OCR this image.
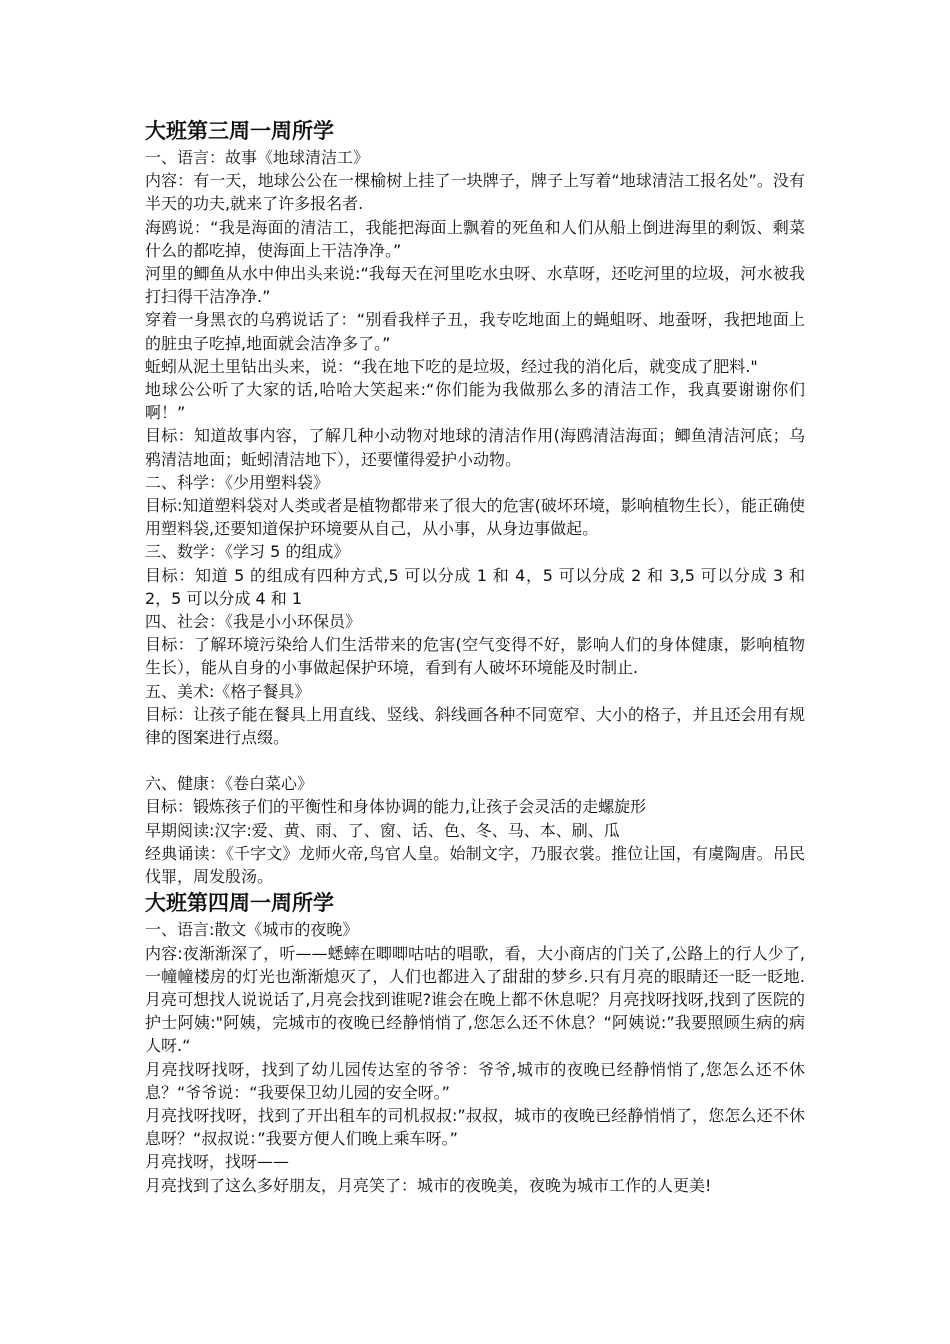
大班第三周一周所学

一、语言：故事《地球清洁工》

内容：有一天，地球公公在一棵榆树上挂了一块牌子，牌子上写着“地球清洁工报名处”。没有半天的功夫,就来了许多报名者.

海鸥说：“我是海面的清洁工，我能把海面上飘着的死鱼和人们从船上倒进海里的剩饭、剩菜什么的都吃掉，使海面上干洁净净。”

河里的鲫鱼从水中伸出头来说:“我每天在河里吃水虫呀、水草呀，还吃河里的垃圾，河水被我打扫得干洁净净.”

穿着一身黑衣的乌鸦说话了：“别看我样子丑，我专吃地面上的蝇蛆呀、地蚕呀，我把地面上的脏虫子吃掉,地面就会洁净多了。”

蚯蚓从泥土里钻出头来，说：“我在地下吃的是垃圾，经过我的消化后，就变成了肥料."

地球公公听了大家的话,哈哈大笑起来:“你们能为我做那么多的清洁工作，我真要谢谢你们啊！”

目标：知道故事内容，了解几种小动物对地球的清洁作用(海鸥清洁海面；鲫鱼清洁河底；乌鸦清洁地面；蚯蚓清洁地下），还要懂得爱护小动物。

二、科学：《少用塑料袋》

目标:知道塑料袋对人类或者是植物都带来了很大的危害(破坏环境，影响植物生长），能正确使用塑料袋,还要知道保护环境要从自己，从小事，从身边事做起。

三、数学：《学习 5 的组成》

目标：知道 5 的组成有四种方式,5 可以分成 1 和 4，5 可以分成 2 和 3,5 可以分成 3 和 2，5 可以分成 4 和 1

四、社会：《我是小小环保员》

目标：了解环境污染给人们生活带来的危害(空气变得不好，影响人们的身体健康，影响植物生长），能从自身的小事做起保护环境，看到有人破坏环境能及时制止.

五、美术:《格子餐具》

目标：让孩子能在餐具上用直线、竖线、斜线画各种不同宽窄、大小的格子，并且还会用有规律的图案进行点缀。

六、健康：《卷白菜心》

目标：锻炼孩子们的平衡性和身体协调的能力,让孩子会灵活的走螺旋形

早期阅读:汉字:爱、黄、雨、了、窗、话、色、冬、马、本、刷、瓜

经典诵读：《千字文》龙师火帝,鸟官人皇。始制文字，乃服衣裳。推位让国，有虞陶唐。吊民伐罪，周发殷汤。

大班第四周一周所学

一、语言:散文《城市的夜晚》

内容:夜渐渐深了，听——蟋蟀在唧唧咕咕的唱歌，看，大小商店的门关了,公路上的行人少了,一幢幢楼房的灯光也渐渐熄灭了，人们也都进入了甜甜的梦乡.只有月亮的眼睛还一眨一眨地.月亮可想找人说说话了,月亮会找到谁呢?谁会在晚上都不休息呢？月亮找呀找呀,找到了医院的护士阿姨:"阿姨，完城市的夜晚已经静悄悄了,您怎么还不休息？“阿姨说:”我要照顾生病的病人呀.“

月亮找呀找呀，找到了幼儿园传达室的爷爷：爷爷,城市的夜晚已经静悄悄了,您怎么还不休息？“爷爷说：“我要保卫幼儿园的安全呀。”

月亮找呀找呀，找到了开出租车的司机叔叔:”叔叔，城市的夜晚已经静悄悄了，您怎么还不休息呀？“叔叔说：”我要方便人们晚上乘车呀。”

月亮找呀，找呀——

月亮找到了这么多好朋友，月亮笑了：城市的夜晚美，夜晚为城市工作的人更美!
